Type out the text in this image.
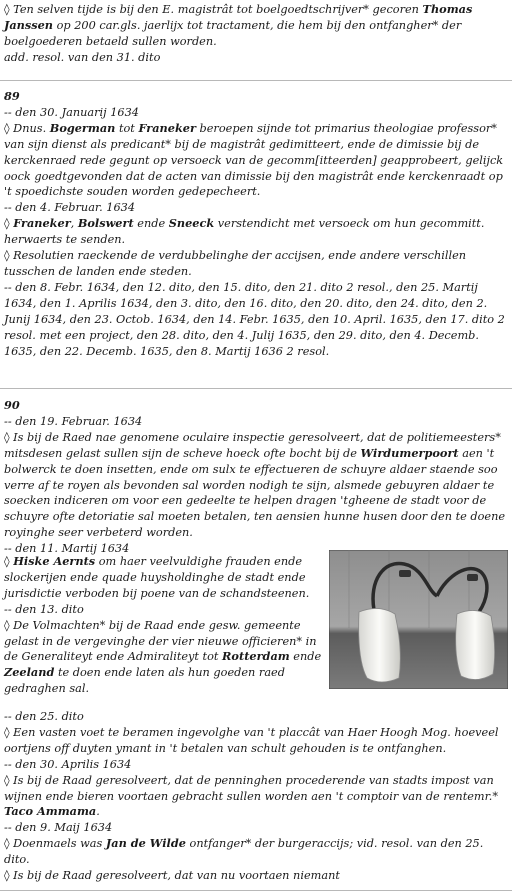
◊ Ten selven tijde is bij den E. magistrât tot boelgoedtschrijver* gecoren Thomas Janssen op 200 car.gls. jaerlijx tot tractament, die hem bij den ontfangher* der boelgoederen betaeld sullen worden.

add. resol. van den 31. dito

89

-- den 30. Januarij 1634

◊ Dnus. Bogerman tot Franeker beroepen sijnde tot primarius theologiae professor* van sijn dienst als predicant* bij de magistrât gedimitteert, ende de dimissie bij de kerckenraed rede gegunt op versoeck van de gecomm[itteerden] geapprobeert, gelijck oock goedtgevonden dat de acten van dimissie bij den magistrât ende kerckenraadt op 't spoedichste souden worden gedepecheert.

-- den 4. Februar. 1634

◊ Franeker, Bolswert ende Sneeck verstendicht met versoeck om hun gecommitt. herwaerts te senden.

◊ Resolutien raeckende de verdubbelinghe der accijsen, ende andere verschillen tusschen de landen ende steden.

-- den 8. Febr. 1634, den 12. dito, den 15. dito, den 21. dito 2 resol., den 25. Martij 1634, den 1. Aprilis 1634, den 3. dito, den 16. dito, den 20. dito, den 24. dito, den 2. Junij 1634, den 23. Octob. 1634, den 14. Febr. 1635, den 10. April. 1635, den 17. dito 2 resol. met een project, den 28. dito, den 4. Julij 1635, den 29. dito, den 4. Decemb. 1635, den 22. Decemb. 1635, den 8. Martij 1636 2 resol.

90

-- den 19. Februar. 1634

◊ Is bij de Raed nae genomene oculaire inspectie geresolveert, dat de politiemeesters* mitsdesen gelast sullen sijn de scheve hoeck ofte bocht bij de Wirdumerpoort aen 't bolwerck te doen insetten, ende om sulx te effectueren de schuyre aldaer staende soo verre af te royen als bevonden sal worden nodigh te sijn, alsmede gebuyren aldaer te soecken indiceren om voor een gedeelte te helpen dragen 'tgheene de stadt voor de schuyre ofte detoriatie sal moeten betalen, ten aensien hunne husen door den te doene royinghe seer verbeterd worden.

-- den 11. Martij 1634

◊ Hiske Aernts om haer veelvuldighe frauden ende slockerijen ende quade huysholdinghe de stadt ende jurisdictie verboden bij poene van de schandsteenen.

-- den 13. dito

◊ De Volmachten* bij de Raad ende gesw. gemeente gelast in de vergevinghe der vier nieuwe officieren* in de Generaliteyt ende Admiraliteyt tot Rotterdam ende Zeeland te doen ende laten als hun goeden raed gedraghen sal.

-- den 25. dito

◊ Een vasten voet te beramen ingevolghe van 't placcât van Haer Hoogh Mog. hoeveel oortjens off duyten ymant in 't betalen van schult gehouden is te ontfanghen.

-- den 30. Aprilis 1634

◊ Is bij de Raad geresolveert, dat de penninghen procederende van stadts impost van wijnen ende bieren voortaen gebracht sullen worden aen 't comptoir van de rentemr.* Taco Ammama.

-- den 9. Maij 1634

◊ Doenmaels was Jan de Wilde ontfanger* der burgeraccijs; vid. resol. van den 25. dito.

◊ Is bij de Raad geresolveert, dat van nu voortaen niemant
